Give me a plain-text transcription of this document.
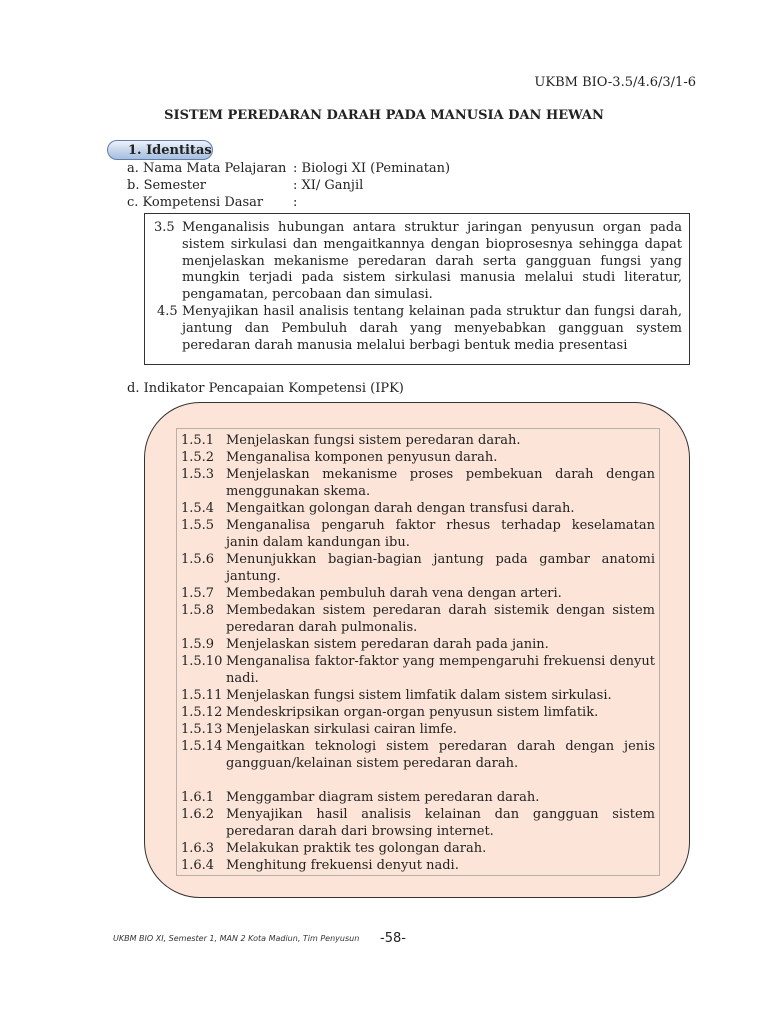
UKBM BIO-3.5/4.6/3/1-6
SISTEM PEREDARAN DARAH PADA MANUSIA DAN HEWAN
1. Identitas
a. Nama Mata Pelajaran : Biologi XI (Peminatan)
b. Semester	: XI/ Ganjil
c. Kompetensi Dasar	:
3.5 Menganalisis hubungan antara struktur jaringan penyusun organ pada sistem sirkulasi dan mengaitkannya dengan bioprosesnya sehingga dapat menjelaskan mekanisme peredaran darah serta gangguan fungsi yang mungkin terjadi pada sistem sirkulasi manusia melalui studi literatur, pengamatan, percobaan dan simulasi.
4.5 Menyajikan hasil analisis tentang kelainan pada struktur dan fungsi darah, jantung dan Pembuluh darah yang menyebabkan gangguan system peredaran darah manusia melalui berbagi bentuk media presentasi
d. Indikator Pencapaian Kompetensi (IPK)
1.5.1 Menjelaskan fungsi sistem peredaran darah.
1.5.2 Menganalisa komponen penyusun darah.
1.5.3 Menjelaskan mekanisme proses pembekuan darah dengan menggunakan skema.
1.5.4 Mengaitkan golongan darah dengan transfusi darah.
1.5.5 Menganalisa pengaruh faktor rhesus terhadap keselamatan janin dalam kandungan ibu.
1.5.6 Menunjukkan bagian-bagian jantung pada gambar anatomi jantung.
1.5.7 Membedakan pembuluh darah vena dengan arteri.
1.5.8 Membedakan sistem peredaran darah sistemik dengan sistem peredaran darah pulmonalis.
1.5.9 Menjelaskan sistem peredaran darah pada janin.
1.5.10 Menganalisa faktor-faktor yang mempengaruhi frekuensi denyut nadi.
1.5.11 Menjelaskan fungsi sistem limfatik dalam sistem sirkulasi.
1.5.12 Mendeskripsikan organ-organ penyusun sistem limfatik.
1.5.13 Menjelaskan sirkulasi cairan limfe.
1.5.14 Mengaitkan teknologi sistem peredaran darah dengan jenis gangguan/kelainan sistem peredaran darah.
1.6.1 Menggambar diagram sistem peredaran darah.
1.6.2 Menyajikan hasil analisis kelainan dan gangguan sistem peredaran darah dari browsing internet.
1.6.3 Melakukan praktik tes golongan darah.
1.6.4 Menghitung frekuensi denyut nadi.
UKBM BIO XI, Semester 1, MAN 2 Kota Madiun, Tim Penyusun -58-
